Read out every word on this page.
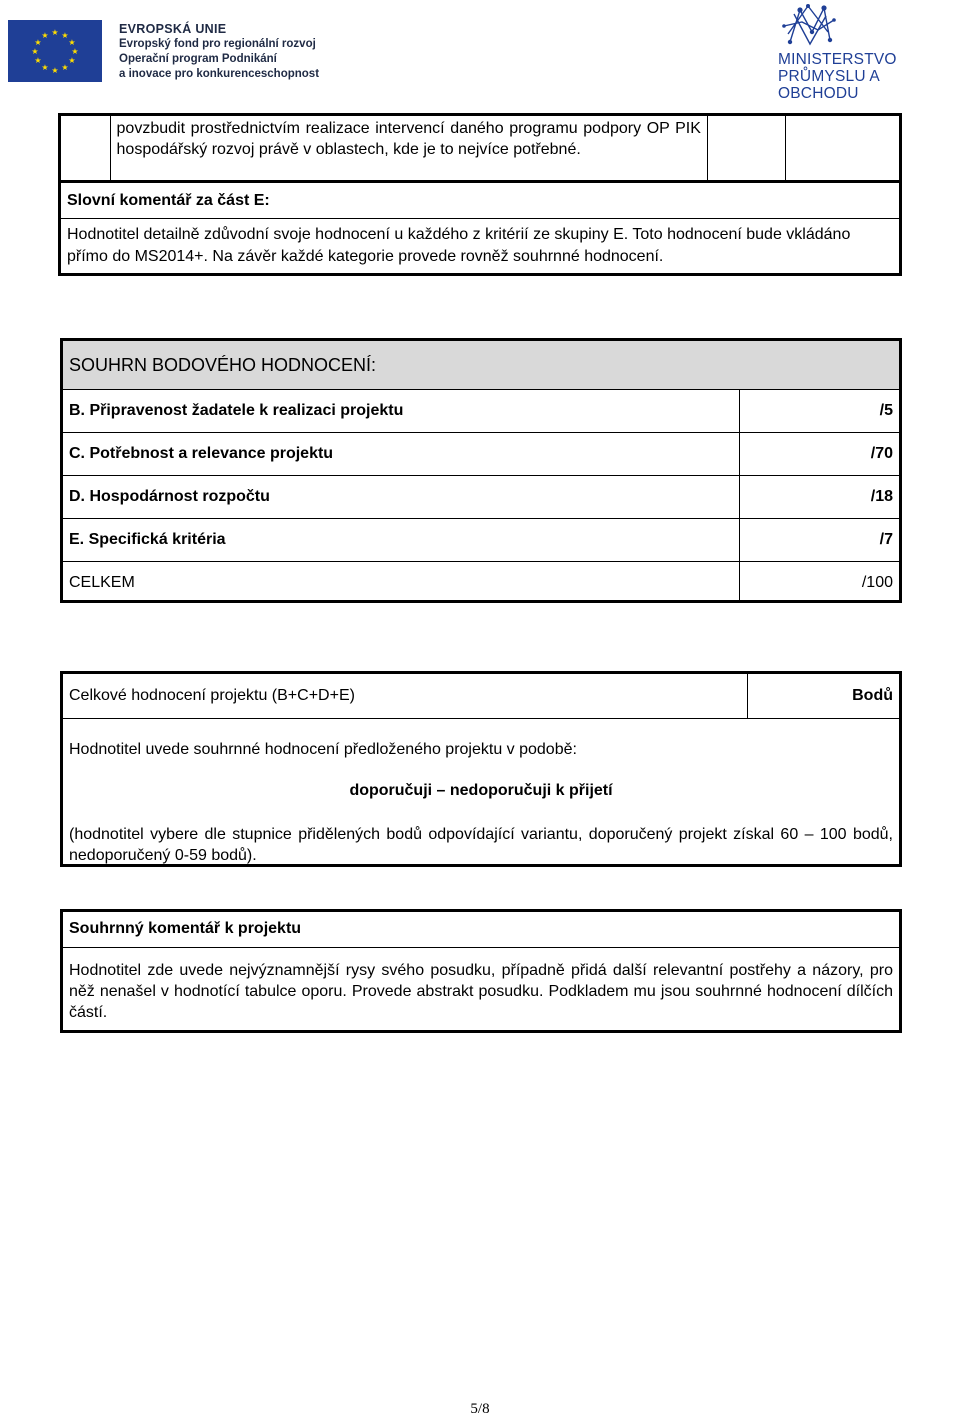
★ ★
★
★
★
★
★
★
★
★
★
★	EVROPSKÁ UNIE
Evropský fond pro regionální rozvoj
Operační program Podnikání
a inovace pro konkurenceschopnost
MINISTERSTVO
PRŮMYSLU A OBCHODU
	povzbudit prostřednictvím realizace intervencí daného programu podpory OP PIK hospodářský rozvoj právě v oblastech, kde je to nejvíce potřebné.		
Slovní komentář za část E:
Hodnotitel detailně zdůvodní svoje hodnocení u každého z kritérií ze skupiny E. Toto hodnocení bude vkládáno přímo do MS2014+. Na závěr každé kategorie provede rovněž souhrnné hodnocení.
SOUHRN BODOVÉHO HODNOCENÍ:
B. Připravenost žadatele k realizaci projektu	/5
C. Potřebnost a relevance projektu	/70
D. Hospodárnost rozpočtu	/18
E. Specifická kritéria	/7
CELKEM	/100
Celkové hodnocení projektu (B+C+D+E)	Bodů
Hodnotitel uvede souhrnné hodnocení předloženého projektu v podobě:
doporučuji – nedoporučuji k přijetí
(hodnotitel vybere dle stupnice přidělených bodů odpovídající variantu, doporučený projekt získal 60 – 100 bodů, nedoporučený 0-59 bodů).
Souhrnný komentář k projektu
Hodnotitel zde uvede nejvýznamnější rysy svého posudku, případně přidá další relevantní postřehy a názory, pro něž nenašel v hodnotící tabulce oporu. Provede abstrakt posudku. Podkladem mu jsou souhrnné hodnocení dílčích částí.
5/8
